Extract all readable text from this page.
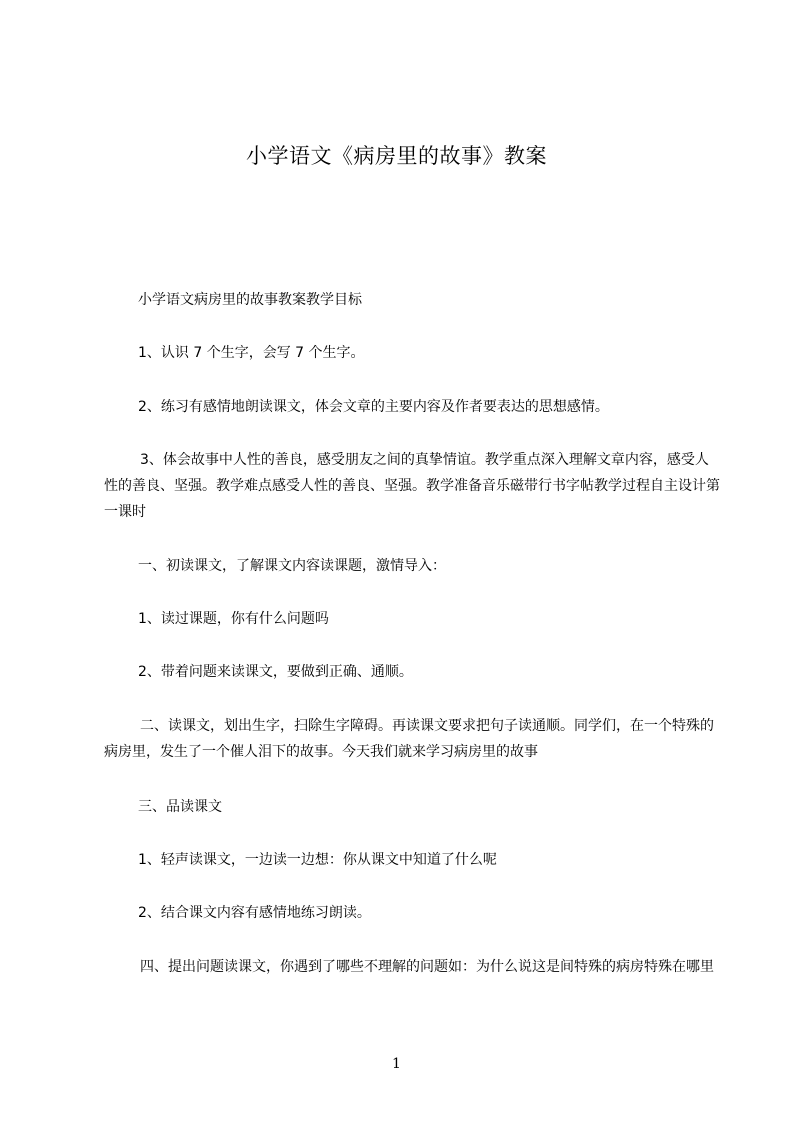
小学语文《病房里的故事》教案

小学语文病房里的故事教案教学目标

1、认识 7 个生字，会写 7 个生字。

2、练习有感情地朗读课文，体会文章的主要内容及作者要表达的思想感情。

3、体会故事中人性的善良，感受朋友之间的真挚情谊。教学重点深入理解文章内容，感受人性的善良、坚强。教学难点感受人性的善良、坚强。教学准备音乐磁带行书字帖教学过程自主设计第一课时

一、初读课文，了解课文内容读课题，激情导入：

1、读过课题，你有什么问题吗

2、带着问题来读课文，要做到正确、通顺。

二、读课文，划出生字，扫除生字障碍。再读课文要求把句子读通顺。同学们，在一个特殊的病房里，发生了一个催人泪下的故事。今天我们就来学习病房里的故事

三、品读课文

1、轻声读课文，一边读一边想：你从课文中知道了什么呢

2、结合课文内容有感情地练习朗读。

四、提出问题读课文，你遇到了哪些不理解的问题如：为什么说这是间特殊的病房特殊在哪里

1
